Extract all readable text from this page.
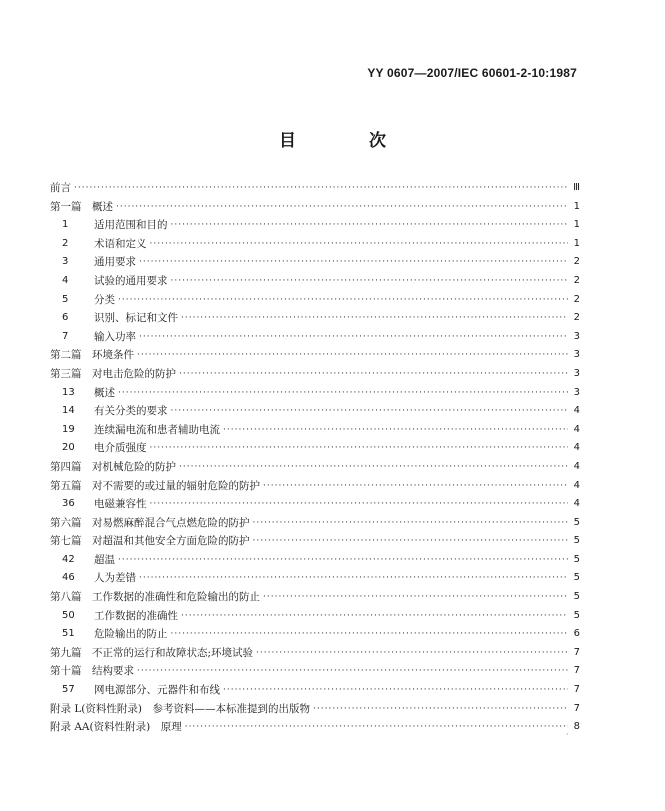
YY 0607—2007/IEC 60601-2-10:1987
目　次
前言 ·····	Ⅲ
第一篇　概述 ·····	1
1	适用范围和目的 ·····	1
2	术语和定义 ·····	1
3	通用要求 ·····	2
4	试验的通用要求 ·····	2
5	分类 ·····	2
6	识别、标记和文件 ·····	2
7	输入功率 ·····	3
第二篇　环境条件 ·····	3
第三篇　对电击危险的防护 ·····	3
13	概述 ·····	3
14	有关分类的要求 ·····	4
19	连续漏电流和患者辅助电流 ·····	4
20	电介质强度 ·····	4
第四篇　对机械危险的防护 ·····	4
第五篇　对不需要的或过量的辐射危险的防护 ·····	4
36	电磁兼容性 ·····	4
第六篇　对易燃麻醉混合气点燃危险的防护 ·····	5
第七篇　对超温和其他安全方面危险的防护 ·····	5
42	超温 ·····	5
46	人为差错 ·····	5
第八篇　工作数据的准确性和危险输出的防止 ·····	5
50	工作数据的准确性 ·····	5
51	危险输出的防止 ·····	6
第九篇　不正常的运行和故障状态;环境试验 ·····	7
第十篇　结构要求 ·····	7
57	网电源部分、元器件和布线 ·····	7
附录 L(资料性附录)　参考资料——本标准提到的出版物 ·····	7
附录 AA(资料性附录)　原理 ·····	8
·
